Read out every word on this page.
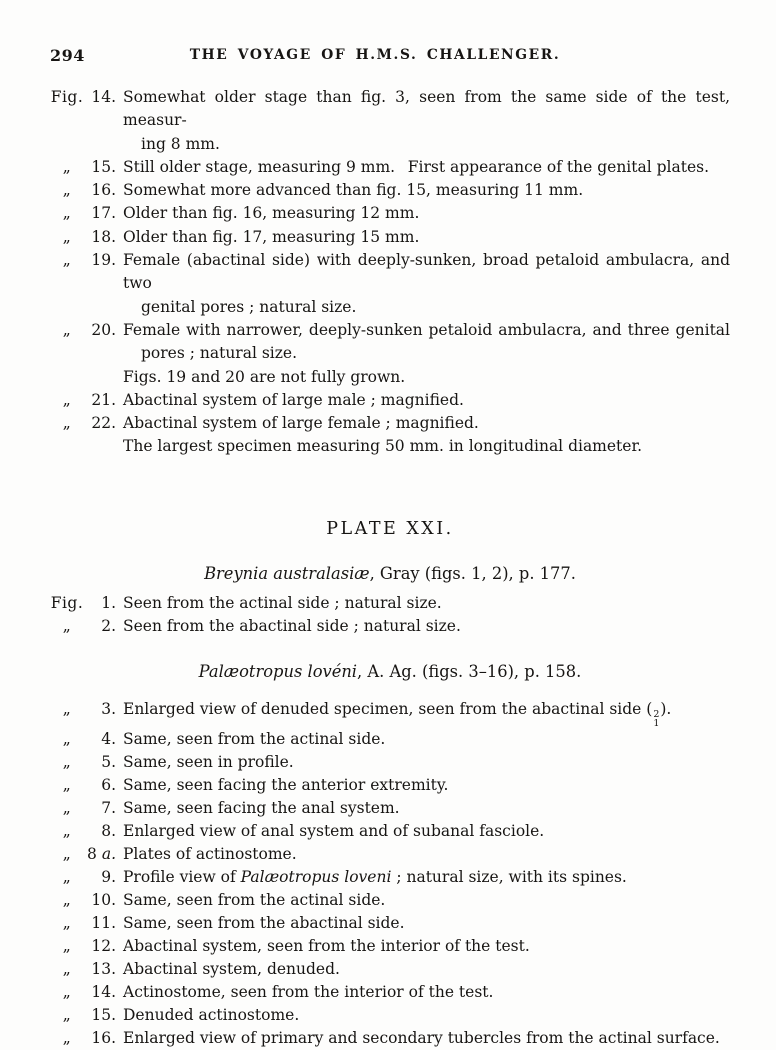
294	THE VOYAGE OF H.M.S. CHALLENGER.
Fig. 14. Somewhat older stage than fig. 3, seen from the same side of the test, measur-
ing 8 mm.
„	15. Still older stage, measuring 9 mm.  First appearance of the genital plates.
„	16. Somewhat more advanced than fig. 15, measuring 11 mm.
„	17. Older than fig. 16, measuring 12 mm.
„	18. Older than fig. 17, measuring 15 mm.
„	19. Female (abactinal side) with deeply-sunken, broad petaloid ambulacra, and two
genital pores ; natural size.
„	20. Female with narrower, deeply-sunken petaloid ambulacra, and three genital
pores ; natural size.
Figs. 19 and 20 are not fully grown.
„	21. Abactinal system of large male ; magnified.
„	22. Abactinal system of large female ; magnified.
The largest specimen measuring 50 mm. in longitudinal diameter.
PLATE XXI.
Breynia australasiæ, Gray (figs. 1, 2), p. 177.
Fig.	1. Seen from the actinal side ; natural size.
„	2. Seen from the abactinal side ; natural size.
Palæotropus lovéni, A. Ag. (figs. 3–16), p. 158.
„	3. Enlarged view of denuded specimen, seen from the abactinal side ( 2
1
).
„	4. Same, seen from the actinal side.
„	5. Same, seen in profile.
„	6. Same, seen facing the anterior extremity.
„	7. Same, seen facing the anal system.
„	8. Enlarged view of anal system and of subanal fasciole.
„	8 a. Plates of actinostome.
„	9. Profile view of Palæotropus loveni ; natural size, with its spines.
„	10. Same, seen from the actinal side.
„	11. Same, seen from the abactinal side.
„	12. Abactinal system, seen from the interior of the test.
„	13. Abactinal system, denuded.
„	14. Actinostome, seen from the interior of the test.
„	15. Denuded actinostome.
„	16. Enlarged view of primary and secondary tubercles from the actinal surface.
